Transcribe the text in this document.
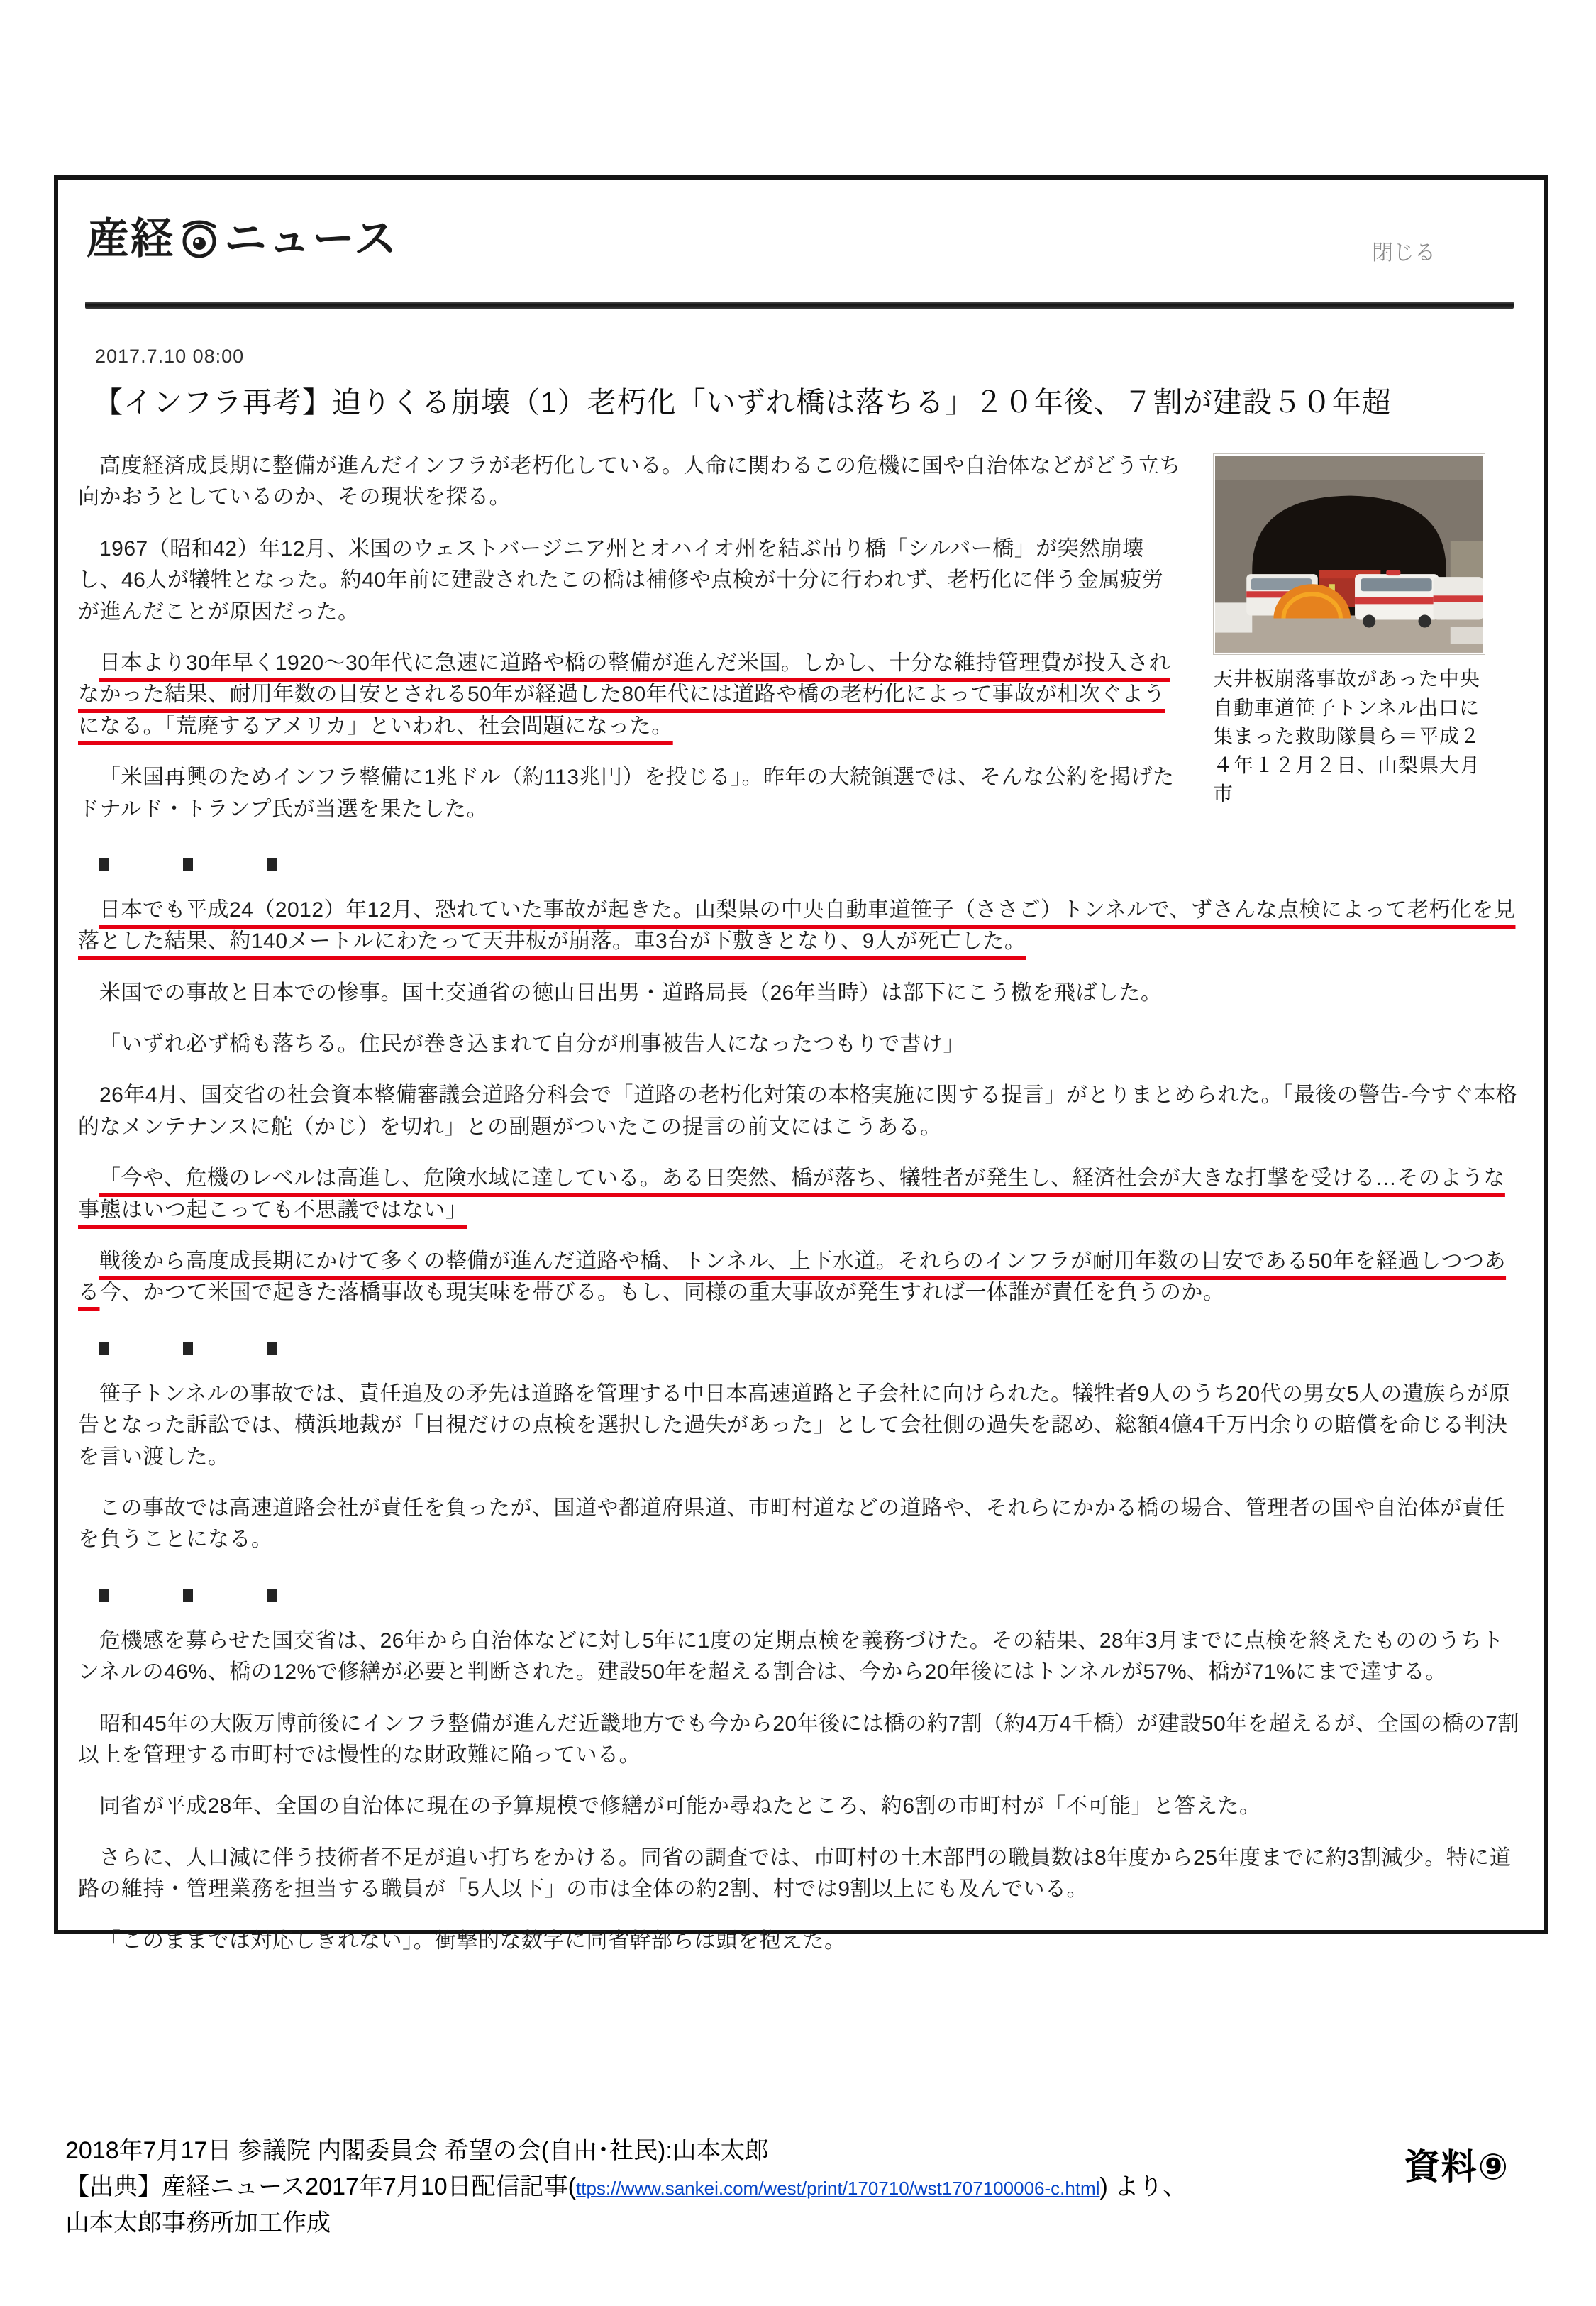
産経 ニュース	閉じる
2017.7.10 08:00
【インフラ再考】迫りくる崩壊（1）老朽化「いずれ橋は落ちる」２０年後、７割が建設５０年超
天井板崩落事故があった中央自動車道笹子トンネル出口に集まった救助隊員ら＝平成２４年１２月２日、山梨県大月市

高度経済成長期に整備が進んだインフラが老朽化している。人命に関わるこの危機に国や自治体などがどう立ち向かおうとしているのか、その現状を探る。

1967（昭和42）年12月、米国のウェストバージニア州とオハイオ州を結ぶ吊り橋「シルバー橋」が突然崩壊し、46人が犠牲となった。約40年前に建設されたこの橋は補修や点検が十分に行われず、老朽化に伴う金属疲労が進んだことが原因だった。

日本より30年早く1920～30年代に急速に道路や橋の整備が進んだ米国。しかし、十分な維持管理費が投入されなかった結果、耐用年数の目安とされる50年が経過した80年代には道路や橋の老朽化によって事故が相次ぐようになる。「荒廃するアメリカ」といわれ、社会問題になった。

「米国再興のためインフラ整備に1兆ドル（約113兆円）を投じる」。昨年の大統領選では、そんな公約を掲げたドナルド・トランプ氏が当選を果たした。

日本でも平成24（2012）年12月、恐れていた事故が起きた。山梨県の中央自動車道笹子（ささご）トンネルで、ずさんな点検によって老朽化を見落とした結果、約140メートルにわたって天井板が崩落。車3台が下敷きとなり、9人が死亡した。

米国での事故と日本での惨事。国土交通省の徳山日出男・道路局長（26年当時）は部下にこう檄を飛ばした。

「いずれ必ず橋も落ちる。住民が巻き込まれて自分が刑事被告人になったつもりで書け」

26年4月、国交省の社会資本整備審議会道路分科会で「道路の老朽化対策の本格実施に関する提言」がとりまとめられた。「最後の警告-今すぐ本格的なメンテナンスに舵（かじ）を切れ」との副題がついたこの提言の前文にはこうある。

「今や、危機のレベルは高進し、危険水域に達している。ある日突然、橋が落ち、犠牲者が発生し、経済社会が大きな打撃を受ける…そのような事態はいつ起こっても不思議ではない」

戦後から高度成長期にかけて多くの整備が進んだ道路や橋、トンネル、上下水道。それらのインフラが耐用年数の目安である50年を経過しつつある今、かつて米国で起きた落橋事故も現実味を帯びる。もし、同様の重大事故が発生すれば一体誰が責任を負うのか。

笹子トンネルの事故では、責任追及の矛先は道路を管理する中日本高速道路と子会社に向けられた。犠牲者9人のうち20代の男女5人の遺族らが原告となった訴訟では、横浜地裁が「目視だけの点検を選択した過失があった」として会社側の過失を認め、総額4億4千万円余りの賠償を命じる判決を言い渡した。

この事故では高速道路会社が責任を負ったが、国道や都道府県道、市町村道などの道路や、それらにかかる橋の場合、管理者の国や自治体が責任を負うことになる。

危機感を募らせた国交省は、26年から自治体などに対し5年に1度の定期点検を義務づけた。その結果、28年3月までに点検を終えたもののうちトンネルの46%、橋の12%で修繕が必要と判断された。建設50年を超える割合は、今から20年後にはトンネルが57%、橋が71%にまで達する。

昭和45年の大阪万博前後にインフラ整備が進んだ近畿地方でも今から20年後には橋の約7割（約4万4千橋）が建設50年を超えるが、全国の橋の7割以上を管理する市町村では慢性的な財政難に陥っている。

同省が平成28年、全国の自治体に現在の予算規模で修繕が可能か尋ねたところ、約6割の市町村が「不可能」と答えた。

さらに、人口減に伴う技術者不足が追い打ちをかける。同省の調査では、市町村の土木部門の職員数は8年度から25年度までに約3割減少。特に道路の維持・管理業務を担当する職員が「5人以下」の市は全体の約2割、村では9割以上にも及んでいる。

「このままでは対応しきれない」。衝撃的な数字に同省幹部らは頭を抱えた。

2018年7月17日 参議院 内閣委員会 希望の会(自由･社民):山本太郎
【出典】産経ニュース2017年7月10日配信記事(ttps://www.sankei.com/west/print/170710/wst1707100006-c.html) より、
山本太郎事務所加工作成
資料⑨
